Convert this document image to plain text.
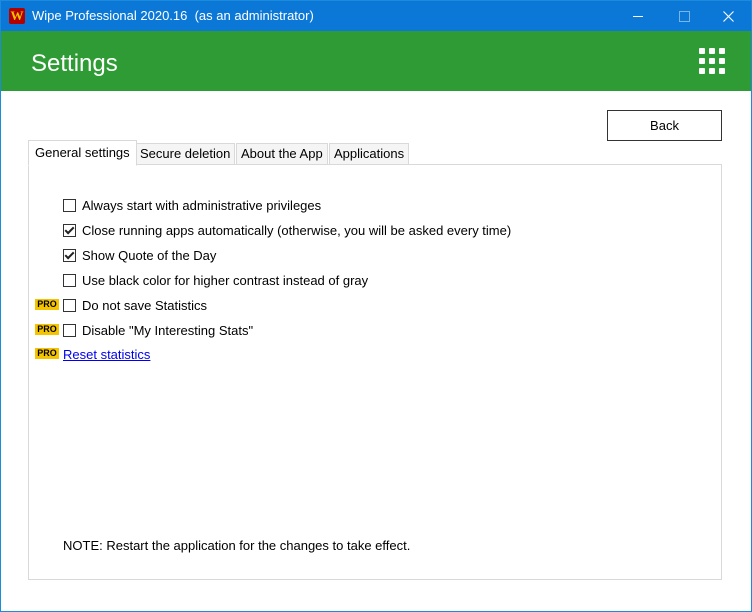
W Wipe Professional 2020.16  (as an administrator)
Settings
Back
General settings Secure deletion About the App Applications
Always start with administrative privileges
Close running apps automatically (otherwise, you will be asked every time)
Show Quote of the Day
Use black color for higher contrast instead of gray
PRO Do not save Statistics
PRO Disable "My Interesting Stats"
PRO Reset statistics
NOTE: Restart the application for the changes to take effect.
